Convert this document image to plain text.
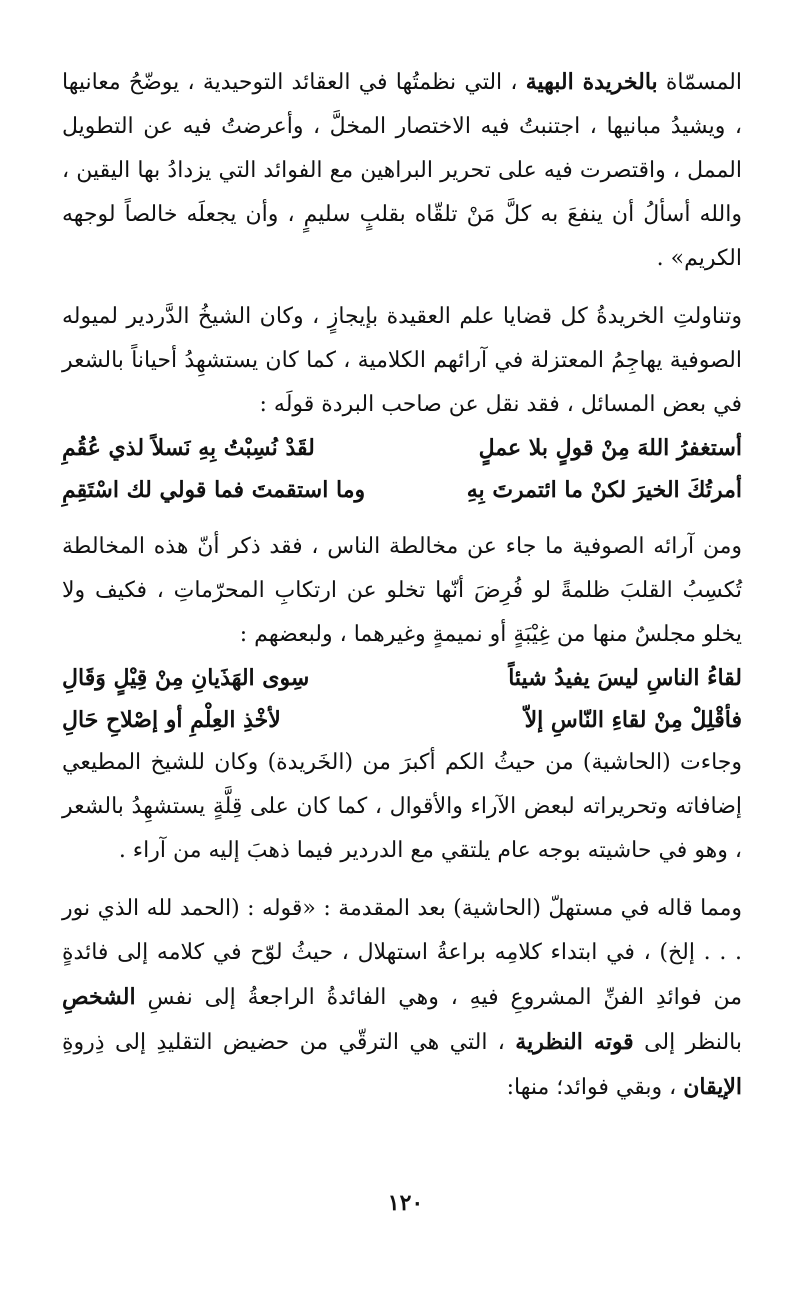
المسمّاة بالخريدة البهية ، التي نظمتُها في العقائد التوحيدية ، يوضّحُ معانيها ، ويشيدُ مبانيها ، اجتنبتُ فيه الاختصار المخلَّ ، وأعرضتُ فيه عن التطويل الممل ، واقتصرت فيه على تحرير البراهين مع الفوائد التي يزدادُ بها اليقين ، والله أسألُ أن ينفعَ به كلَّ مَنْ تلقّاه بقلبٍ سليمٍ ، وأن يجعلَه خالصاً لوجهه الكريم» .

وتناولتِ الخريدةُ كل قضايا علم العقيدة بإيجازٍ ، وكان الشيخُ الدَّردير لميوله الصوفية يهاجِمُ المعتزلة في آرائهم الكلامية ، كما كان يستشهِدُ أحياناً بالشعر في بعض المسائل ، فقد نقل عن صاحب البردة قولَه :

أستغفرُ اللهَ مِنْ قولٍ بلا عملٍ
لقَدْ نُسِبْتُ بِهِ نَسلاً لذي عُقُمِ
أمرتُكَ الخيرَ لكنْ ما ائتمرتَ بِهِ
وما استقمتَ فما قولي لك اسْتَقِمِ

ومن آرائه الصوفية ما جاء عن مخالطة الناس ، فقد ذكر أنّ هذه المخالطة تُكسِبُ القلبَ ظلمةً لو فُرِضَ أنّها تخلو عن ارتكابِ المحرّماتِ ، فكيف ولا يخلو مجلسٌ منها من غِيْبَةٍ أو نميمةٍ وغيرهما ، ولبعضهم :

لقاءُ الناسِ ليسَ يفيدُ شيئاً
سِوى الهَذَيانِ مِنْ قِيْلٍ وَقَالِ
فأقْلِلْ مِنْ لقاءِ النّاسِ إلاّ
لأخْذِ العِلْمِ أو إصْلاحِ حَالِ

وجاءت (الحاشية) من حيثُ الكم أكبرَ من (الخَريدة) وكان للشيخ المطيعي إضافاته وتحريراته لبعض الآراء والأقوال ، كما كان على قِلَّةٍ يستشهِدُ بالشعر ، وهو في حاشيته بوجه عام يلتقي مع الدردير فيما ذهبَ إليه من آراء .

ومما قاله في مستهلّ (الحاشية) بعد المقدمة : «قوله : (الحمد لله الذي نور . . . إلخ) ، في ابتداء كلامِه براعةُ استهلال ، حيثُ لوّح في كلامه إلى فائدةٍ من فوائدِ الفنِّ المشروعِ فيهِ ، وهي الفائدةُ الراجعةُ إلى نفسِ الشخصِ بالنظر إلى قوته النظرية ، التي هي الترقّي من حضيض التقليدِ إلى ذِروةِ الإيقان ، وبقي فوائد؛ منها:

١٢٠
